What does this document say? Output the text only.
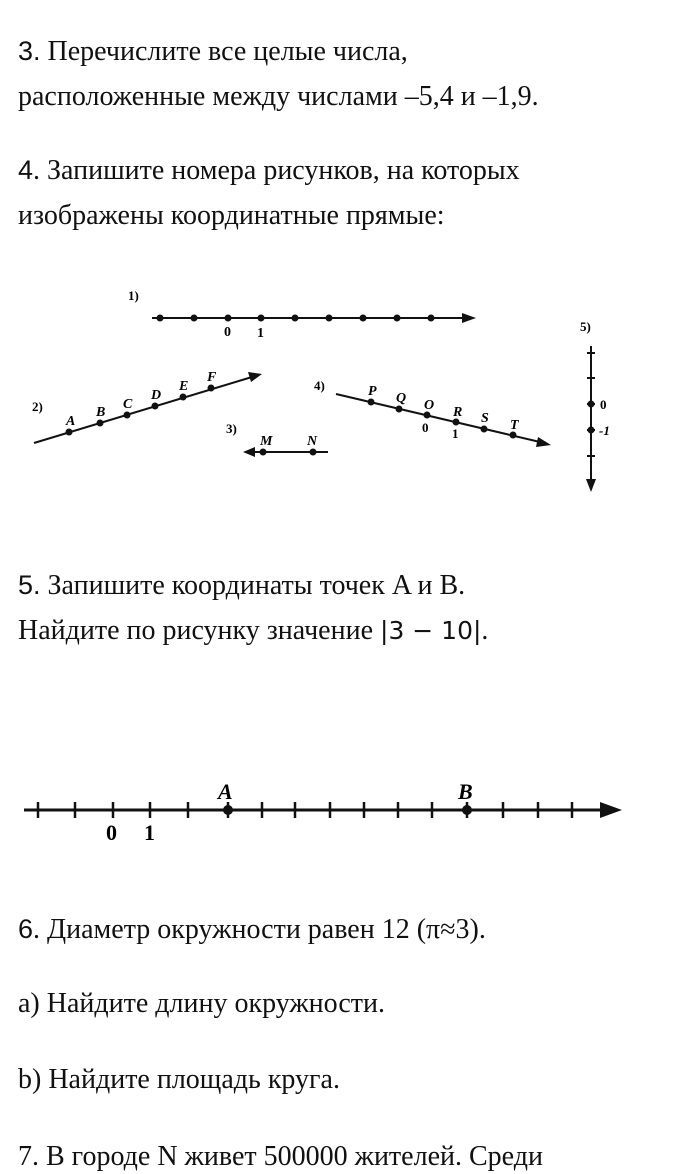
3. Перечислите все целые числа,
расположенные между числами –5,4 и –1,9.
4. Запишите номера рисунков, на которых
изображены координатные прямые:
1)
0 1
2)
A
B
C
D
E
F
3)
M N
4)	P Q O R S T
0 1
5)
0
-1
5. Запишите координаты точек A и B.
Найдите по рисунку значение |3 − 10|.
A	B
0 1
6. Диаметр окружности равен 12 (π≈3).
a) Найдите длину окружности.
b) Найдите площадь круга.
7. В городе N живет 500000 жителей. Среди
